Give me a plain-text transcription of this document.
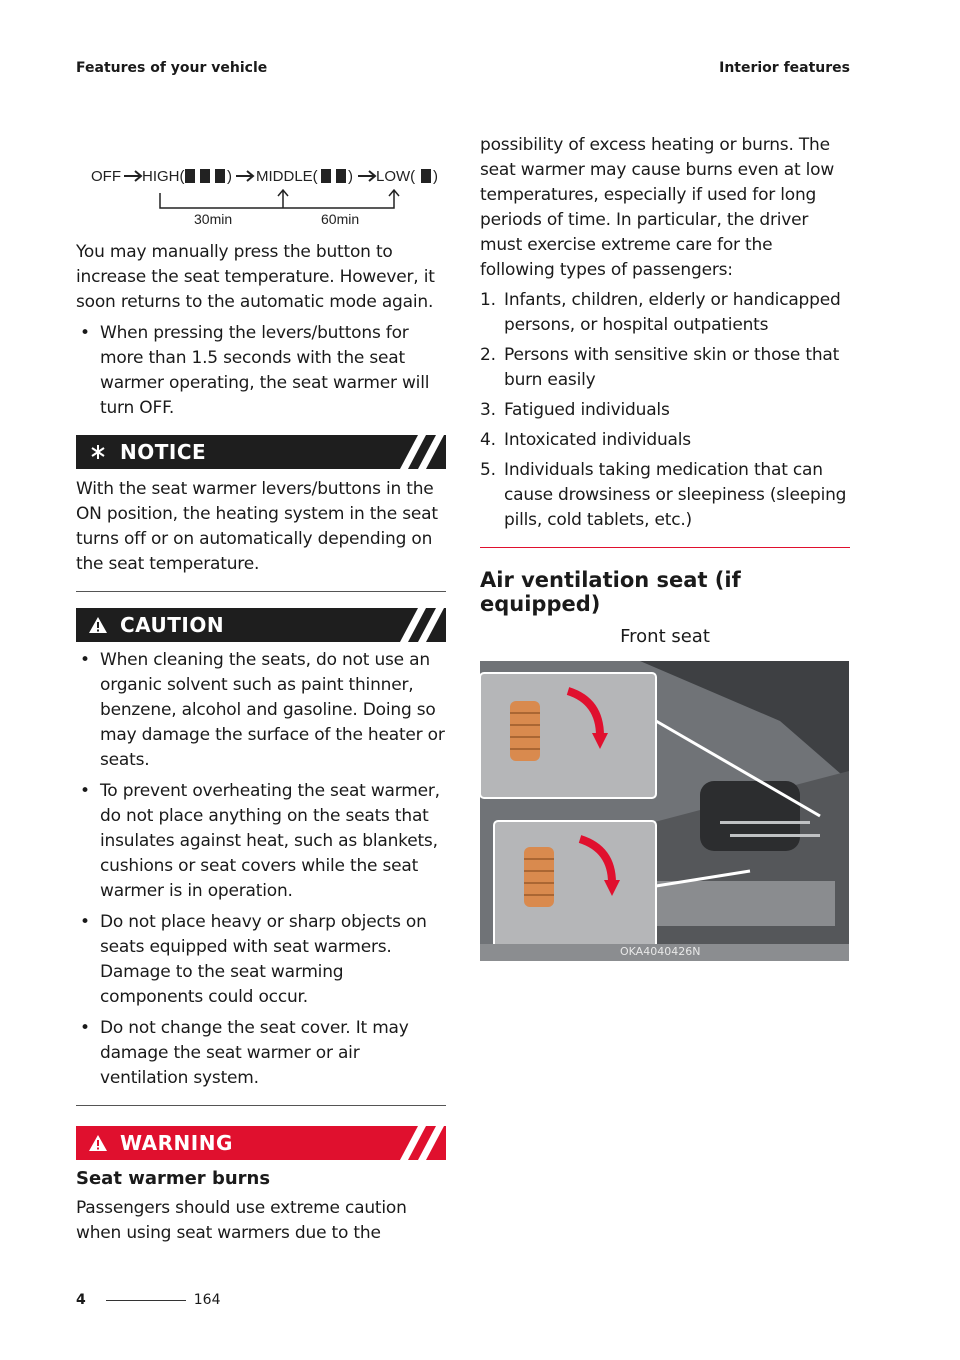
Features of your vehicle	Interior features
OFF HIGH(	) MIDDLE( ) LOW( )
30min	60min

You may manually press the button to increase the seat temperature. However, it soon returns to the automatic mode again.

• When pressing the levers/buttons for more than 1.5 seconds with the seat warmer operating, the seat warmer will turn OFF.
NOTICE

With the seat warmer levers/buttons in the ON position, the heating system in the seat turns off or on automatically depending on the seat temperature.

CAUTION
• When cleaning the seats, do not use an organic solvent such as paint thinner, benzene, alcohol and gasoline. Doing so may damage the surface of the heater or seats.
• To prevent overheating the seat warmer, do not place anything on the seats that insulates against heat, such as blankets, cushions or seat covers while the seat warmer is in operation.
• Do not place heavy or sharp objects on seats equipped with seat warmers. Damage to the seat warming components could occur.
• Do not change the seat cover. It may damage the seat warmer or air ventilation system.
WARNING
Seat warmer burns

Passengers should use extreme caution when using seat warmers due to the

possibility of excess heating or burns. The seat warmer may cause burns even at low temperatures, especially if used for long periods of time. In particular, the driver must exercise extreme care for the following types of passengers:

1. Infants, children, elderly or handicapped persons, or hospital outpatients
2. Persons with sensitive skin or those that burn easily
3. Fatigued individuals
4. Intoxicated individuals
5. Individuals taking medication that can cause drowsiness or sleepiness (sleeping pills, cold tablets, etc.)
Air ventilation seat (if equipped)
Front seat
OKA4040426N
4	164
